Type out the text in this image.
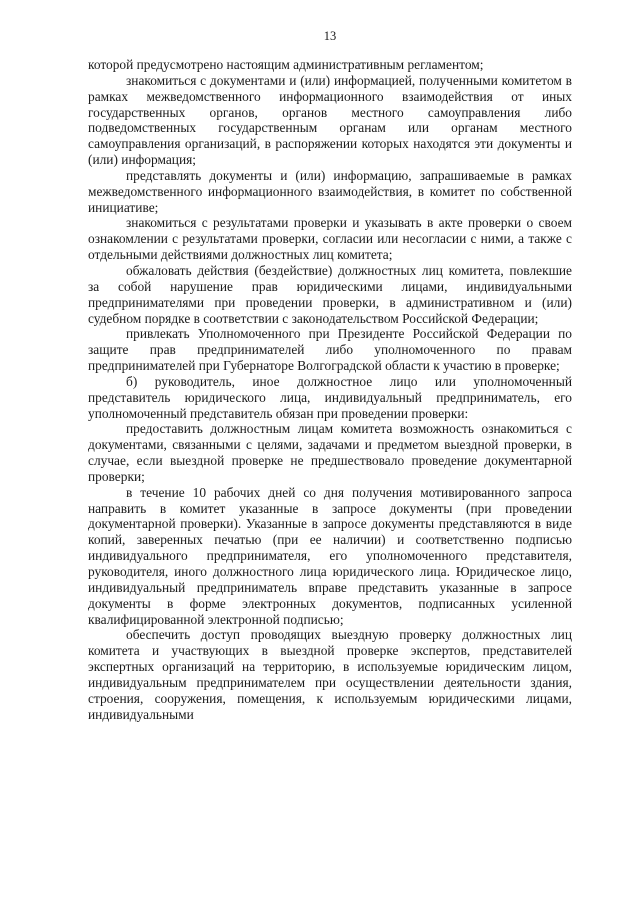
13

которой предусмотрено настоящим административным регламентом;

знакомиться с документами и (или) информацией, полученными комитетом в рамках межведомственного информационного взаимодействия от иных государственных органов, органов местного самоуправления либо подведомственных государственным органам или органам местного самоуправления организаций, в распоряжении которых находятся эти документы и (или) информация;

представлять документы и (или) информацию, запрашиваемые в рамках межведомственного информационного взаимодействия, в комитет по собственной инициативе;

знакомиться с результатами проверки и указывать в акте проверки о своем ознакомлении с результатами проверки, согласии или несогласии с ними, а также с отдельными действиями должностных лиц комитета;

обжаловать действия (бездействие) должностных лиц комитета, повлекшие за собой нарушение прав юридическими лицами, индивидуальными предпринимателями при проведении проверки, в административном и (или) судебном порядке в соответствии с законодательством Российской Федерации;

привлекать Уполномоченного при Президенте Российской Федерации по защите прав предпринимателей либо уполномоченного по правам предпринимателей при Губернаторе Волгоградской области к участию в проверке;

б) руководитель, иное должностное лицо или уполномоченный представитель юридического лица, индивидуальный предприниматель, его уполномоченный представитель обязан при проведении проверки:

предоставить должностным лицам комитета возможность ознакомиться с документами, связанными с целями, задачами и предметом выездной проверки, в случае, если выездной проверке не предшествовало проведение документарной проверки;

в течение 10 рабочих дней со дня получения мотивированного запроса направить в комитет указанные в запросе документы (при проведении документарной проверки). Указанные в запросе документы представляются в виде копий, заверенных печатью (при ее наличии) и соответственно подписью индивидуального предпринимателя, его уполномоченного представителя, руководителя, иного должностного лица юридического лица. Юридическое лицо, индивидуальный предприниматель вправе представить указанные в запросе документы в форме электронных документов, подписанных усиленной квалифицированной электронной подписью;

обеспечить доступ проводящих выездную проверку должностных лиц комитета и участвующих в выездной проверке экспертов, представителей экспертных организаций на территорию, в используемые юридическим лицом, индивидуальным предпринимателем при осуществлении деятельности здания, строения, сооружения, помещения, к используемым юридическими лицами, индивидуальными
